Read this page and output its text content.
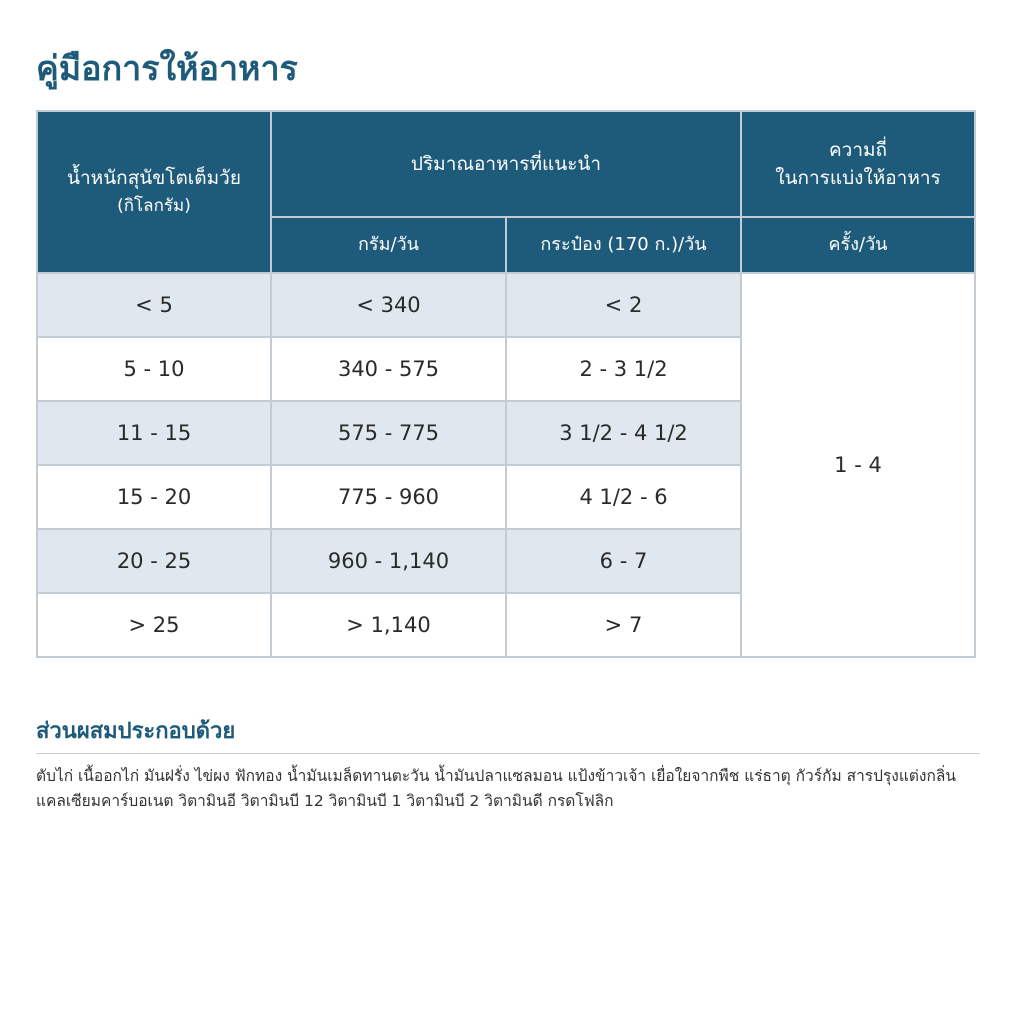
คู่มือการให้อาหาร
น้ำหนักสุนัขโตเต็มวัย
(กิโลกรัม)	ปริมาณอาหารที่แนะนำ		ความถี่
ในการแบ่งให้อาหาร

	กรัม/วัน	กระป๋อง (170 ก.)/วัน	ครั้ง/วัน
< 5	< 340	< 2	1 - 4
5 - 10	340 - 575	2 - 3 1/2	
11 - 15	575 - 775	3 1/2 - 4 1/2	
15 - 20	775 - 960	4 1/2 - 6	
20 - 25	960 - 1,140	6 - 7	
> 25	> 1,140	> 7	
ส่วนผสมประกอบด้วย

ตับไก่ เนื้ออกไก่ มันฝรั่ง ไข่ผง ฟักทอง น้ำมันเมล็ดทานตะวัน น้ำมันปลาแซลมอน แป้งข้าวเจ้า เยื่อใยจากพืช แร่ธาตุ กัวร์กัม สารปรุงแต่งกลิ่น แคลเซียมคาร์บอเนต วิตามินอี วิตามินบี 12 วิตามินบี 1 วิตามินบี 2 วิตามินดี กรดโฟลิก
